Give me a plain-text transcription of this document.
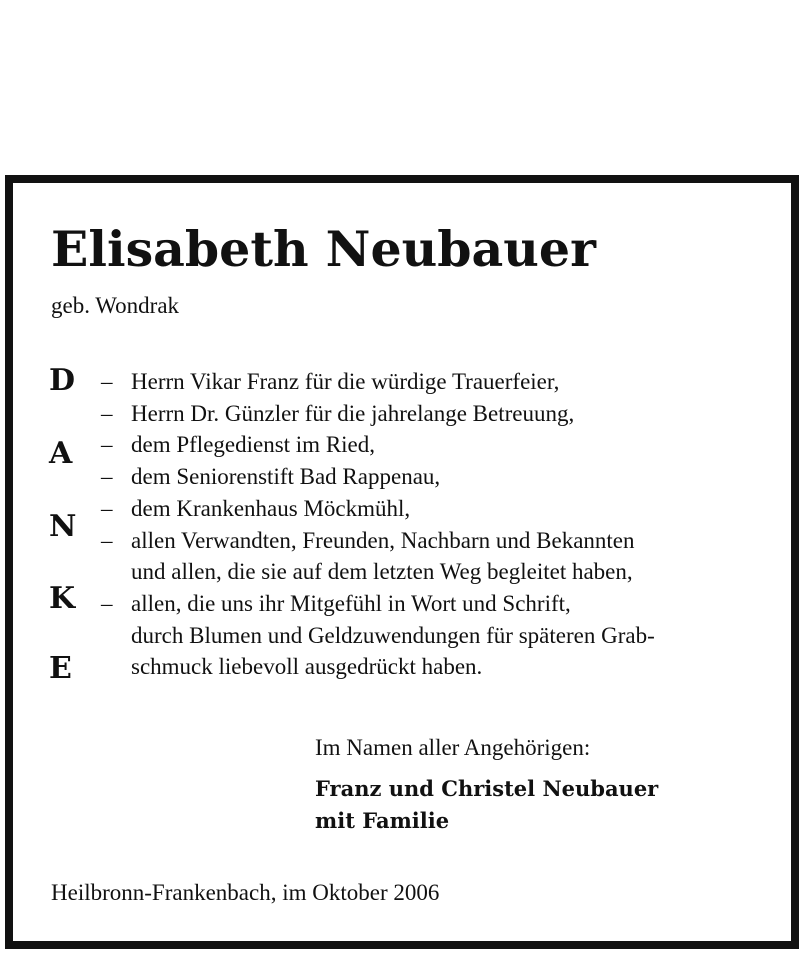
Elisabeth Neubauer
geb. Wondrak
D
A
N
K
E
– Herrn Vikar Franz für die würdige Trauerfeier,
– Herrn Dr. Günzler für die jahrelange Betreuung,
– dem Pflegedienst im Ried,
– dem Seniorenstift Bad Rappenau,
– dem Krankenhaus Möckmühl,
– allen Verwandten, Freunden, Nachbarn und Bekannten
und allen, die sie auf dem letzten Weg begleitet haben,
– allen, die uns ihr Mitgefühl in Wort und Schrift,
durch Blumen und Geldzuwendungen für späteren Grab-
schmuck liebevoll ausgedrückt haben.
Im Namen aller Angehörigen:
Franz und Christel Neubauer
mit Familie
Heilbronn-Frankenbach, im Oktober 2006
